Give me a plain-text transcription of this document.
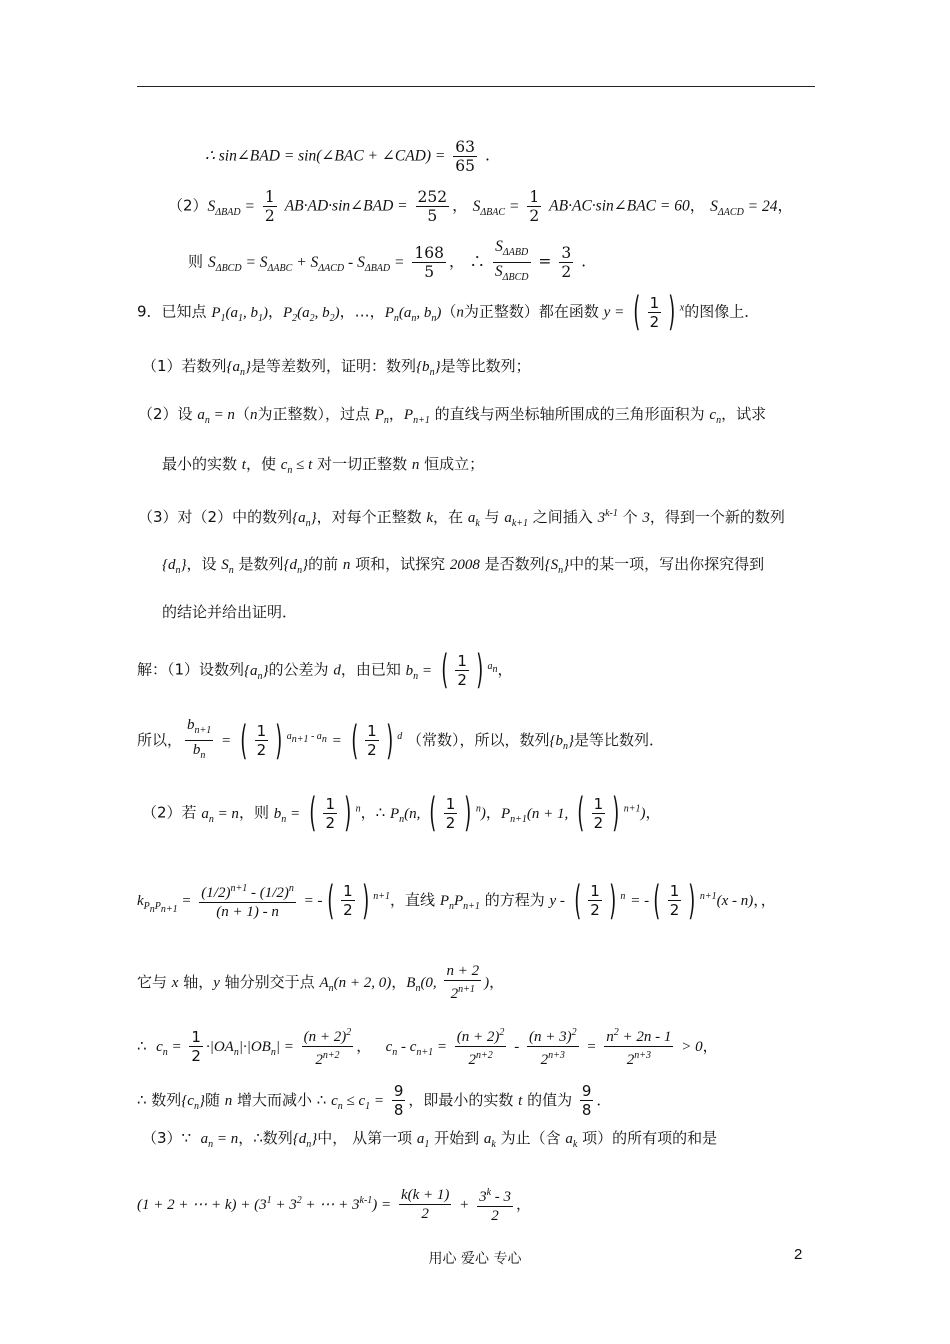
∴ sin∠BAD = sin(∠BAC + ∠CAD) = $\frac{63}{65}$ .
$(2)S_{\Delta BAD} = \frac{1}{2}$ AB·AD·sin∠BAD = $\frac{252}{5}$ ， $S_{\Delta BAC} = \frac{1}{2}$ AB·AC·sin∠BAC = 60， $S_{\Delta ACD} = 24$，
则 $S_{\Delta BCD} = S_{\Delta ABC} + S_{\Delta ACD} - S_{\Delta BAD} = \frac{168}{5}$ ， ∴ $\frac{S_{\Delta ABD}}{S_{\Delta BCD}} = \frac{3}{2}$ .
9．已知点 $P_1(a_1$, $b_1$)，$P_2(a_2$, $b_2$)，…，$P_n(a_n$, $b_n)(n$为正整数）都在函数 y = ( $\frac{1}{2}$ ) $^x$的图像上．
（1）若数列$\{a_n\}$是等差数列，证明：数列$\{b_n\}$是等比数列；
（2）设 $a_n = n(n$为正整数），过点 $P_n$，$P_{n+1}$ 的直线与两坐标轴所围成的三角形面积为 $c_n$，试求
最小的实数 t，使 $c_n \le t$ 对一切正整数 n 恒成立；
（3）对（2）中的数列$\{a_n\}$，对每个正整数 k，在 $a_k$ 与 $a_{k+1}$ 之间插入 3$^{k-1}$ 个 3，得到一个新的数列
$\{d_n\}$，设 $S_n$ 是数列$\{d_n\}$的前 n 项和，试探究 2008 是否数列$\{S_n\}$中的某一项，写出你探究得到
的结论并给出证明．
解：（1）设数列$\{a_n\}$的公差为 d，由已知 $b_n$ = ( $\frac{1}{2}$ ) $^{a_n}$，
所以， $\frac{b_{n+1}}{b_n}$ = ( $\frac{1}{2}$ ) $^{a_{n+1} - a_n}$ = ( $\frac{1}{2}$ ) $^d$ （常数），所以，数列$\{b_n\}$是等比数列．
（2）若 $a_n = n$，则 $b_n$ = ( $\frac{1}{2}$ ) $^n$，∴ $P_n(n$, ( $\frac{1}{2}$ ) $^n$)，$P_{n+1}(n + 1$, ( $\frac{1}{2}$ ) $^{n+1}$)，
$k_{P_nP_{n+1}} = \frac{(1/2)^{n+1} - (1/2)^n}{(n + 1) - n}$ = - ( $\frac{1}{2}$ ) $^{n+1}$，直线 $P_nP_{n+1}$ 的方程为 y - ( $\frac{1}{2}$ ) $^n$ = - ( $\frac{1}{2}$ ) $^{n+1}$(x - n)，，
它与 x 轴，y 轴分别交于点 $A_n(n + 2$, 0)，$B_n(0$, $\frac{n + 2}{2^{n+1}}$ )，
∴  $c_n = \frac{1}{2} \cdot|OA_n|\cdot|OB_n| = \frac{(n + 2)^2}{2^{n+2}}$ ，   $c_n - c_{n+1} = \frac{(n + 2)^2}{2^{n+2}} - \frac{(n + 3)^2}{2^{n+3}} = \frac{n^2 + 2n - 1}{2^{n+3}} > 0$，
∴ 数列$\{c_n\}$随 n 增大而减小 ∴ $c_n \le c_1 = \frac{9}{8}$ ，即最小的实数 t 的值为 $\frac{9}{8}$ ．
（3）∵  $a_n = n$，∴数列$\{d_n\}$中， 从第一项 $a_1$ 开始到 $a_k$ 为止（含 $a_k$ 项）的所有项的和是
(1 + 2 + ⋯ + $k) + (3^1 + 3^2$ + ⋯ + $3^{k-1}) = \frac{k(k + 1)}{2} + \frac{3^k - 3}{2}$ ，
用心 爱心 专心	2
